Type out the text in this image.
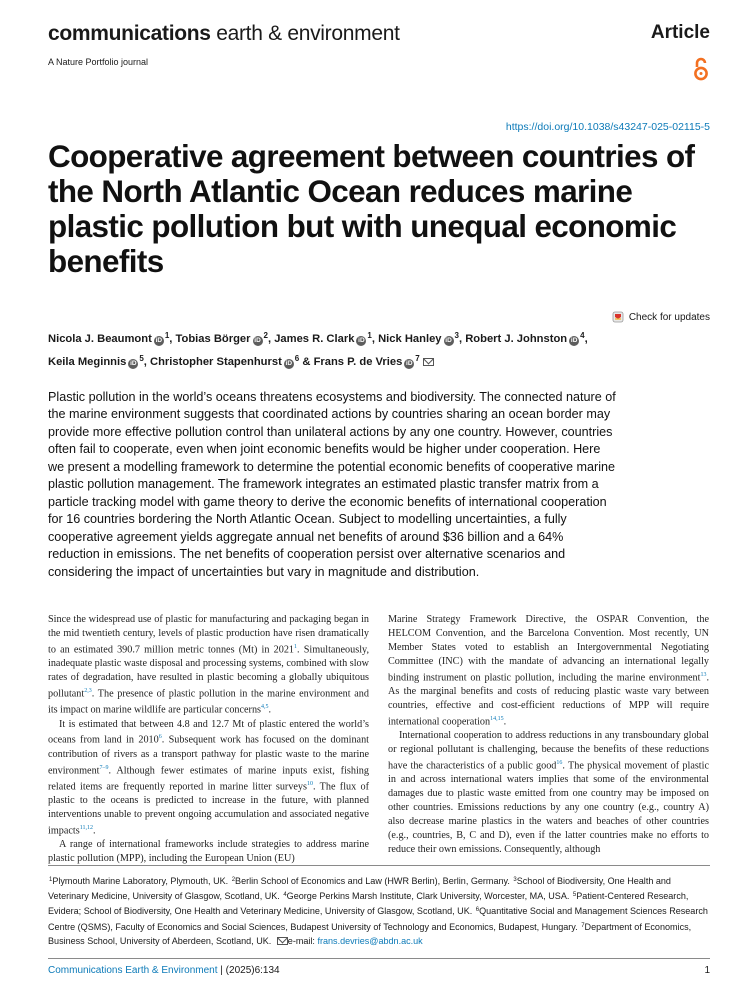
communications earth & environment	Article
A Nature Portfolio journal
https://doi.org/10.1038/s43247-025-02115-5
Cooperative agreement between countries of the North Atlantic Ocean reduces marine plastic pollution but with unequal economic benefits
Check for updates
Nicola J. Beaumont $iD^1$, Tobias Börger $iD^2$, James R. Clark $iD^1$, Nick Hanley $iD^3$, Robert J. Johnston $iD^4$,
Keila Meginnis $iD^5$, Christopher Stapenhurst $iD^6$ & Frans P. de Vries $iD^7$

Plastic pollution in the world’s oceans threatens ecosystems and biodiversity. The connected nature of the marine environment suggests that coordinated actions by countries sharing an ocean border may provide more effective pollution control than unilateral actions by any one country. However, countries often fail to cooperate, even when joint economic benefits would be higher under cooperation. Here we present a modelling framework to determine the potential economic benefits of cooperative marine plastic pollution management. The framework integrates an estimated plastic transfer matrix from a particle tracking model with game theory to derive the economic benefits of international cooperation for 16 countries bordering the North Atlantic Ocean. Subject to modelling uncertainties, a fully cooperative agreement yields aggregate annual net benefits of around $36 billion and a 64% reduction in emissions. The net benefits of cooperation persist over alternative scenarios and considering the impact of uncertainties but vary in magnitude and distribution.

Since the widespread use of plastic for manufacturing and packaging began in the mid twentieth century, levels of plastic production have risen dramatically to an estimated 390.7 million metric tonnes (Mt) in 2021$^1$. Simultaneously, inadequate plastic waste disposal and processing systems, combined with slow rates of degradation, have resulted in plastic becoming a globally ubiquitous pollutant$^{2,3}$. The presence of plastic pollution in the marine environment and its impact on marine wildlife are particular concerns$^{4,5}$.

It is estimated that between 4.8 and 12.7 Mt of plastic entered the world’s oceans from land in 2010$^6$. Subsequent work has focused on the dominant contribution of rivers as a transport pathway for plastic waste to the marine environment$^{7-9}$. Although fewer estimates of marine inputs exist, fishing related items are frequently reported in marine litter surveys$^{10}$. The flux of plastic to the oceans is predicted to increase in the future, with planned interventions unable to prevent ongoing accumulation and associated negative impacts$^{11,12}$.

A range of international frameworks include strategies to address marine plastic pollution (MPP), including the European Union (EU)

Marine Strategy Framework Directive, the OSPAR Convention, the HELCOM Convention, and the Barcelona Convention. Most recently, UN Member States voted to establish an Intergovernmental Negotiating Committee (INC) with the mandate of advancing an international legally binding instrument on plastic pollution, including the marine environment$^{13}$. As the marginal benefits and costs of reducing plastic waste vary between countries, effective and cost-efficient reductions of MPP will require international cooperation$^{14,15}$.

International cooperation to address reductions in any transboundary global or regional pollutant is challenging, because the benefits of these reductions have the characteristics of a public good$^{16}$. The physical movement of plastic in and across international waters implies that some of the environmental damages due to plastic waste emitted from one country may be imposed on other countries. Emissions reductions by any one country (e.g., country A) also decrease marine plastics in the waters and beaches of other countries (e.g., countries, B, C and D), even if the latter countries make no efforts to reduce their own emissions. Consequently, although

$^1$Plymouth Marine Laboratory, Plymouth, UK. $^2$Berlin School of Economics and Law (HWR Berlin), Berlin, Germany. $^3$School of Biodiversity, One Health and Veterinary Medicine, University of Glasgow, Scotland, UK. $^4$George Perkins Marsh Institute, Clark University, Worcester, MA, USA. $^5$Patient-Centered Research, Evidera; School of Biodiversity, One Health and Veterinary Medicine, University of Glasgow, Scotland, UK. $^6$Quantitative Social and Management Sciences Research Centre (QSMS), Faculty of Economics and Social Sciences, Budapest University of Technology and Economics, Budapest, Hungary. $^7$Department of Economics, Business School, University of Aberdeen, Scotland, UK. e-mail: frans.devries@abdn.ac.uk
Communications Earth & Environment | (2025)6:134	1
